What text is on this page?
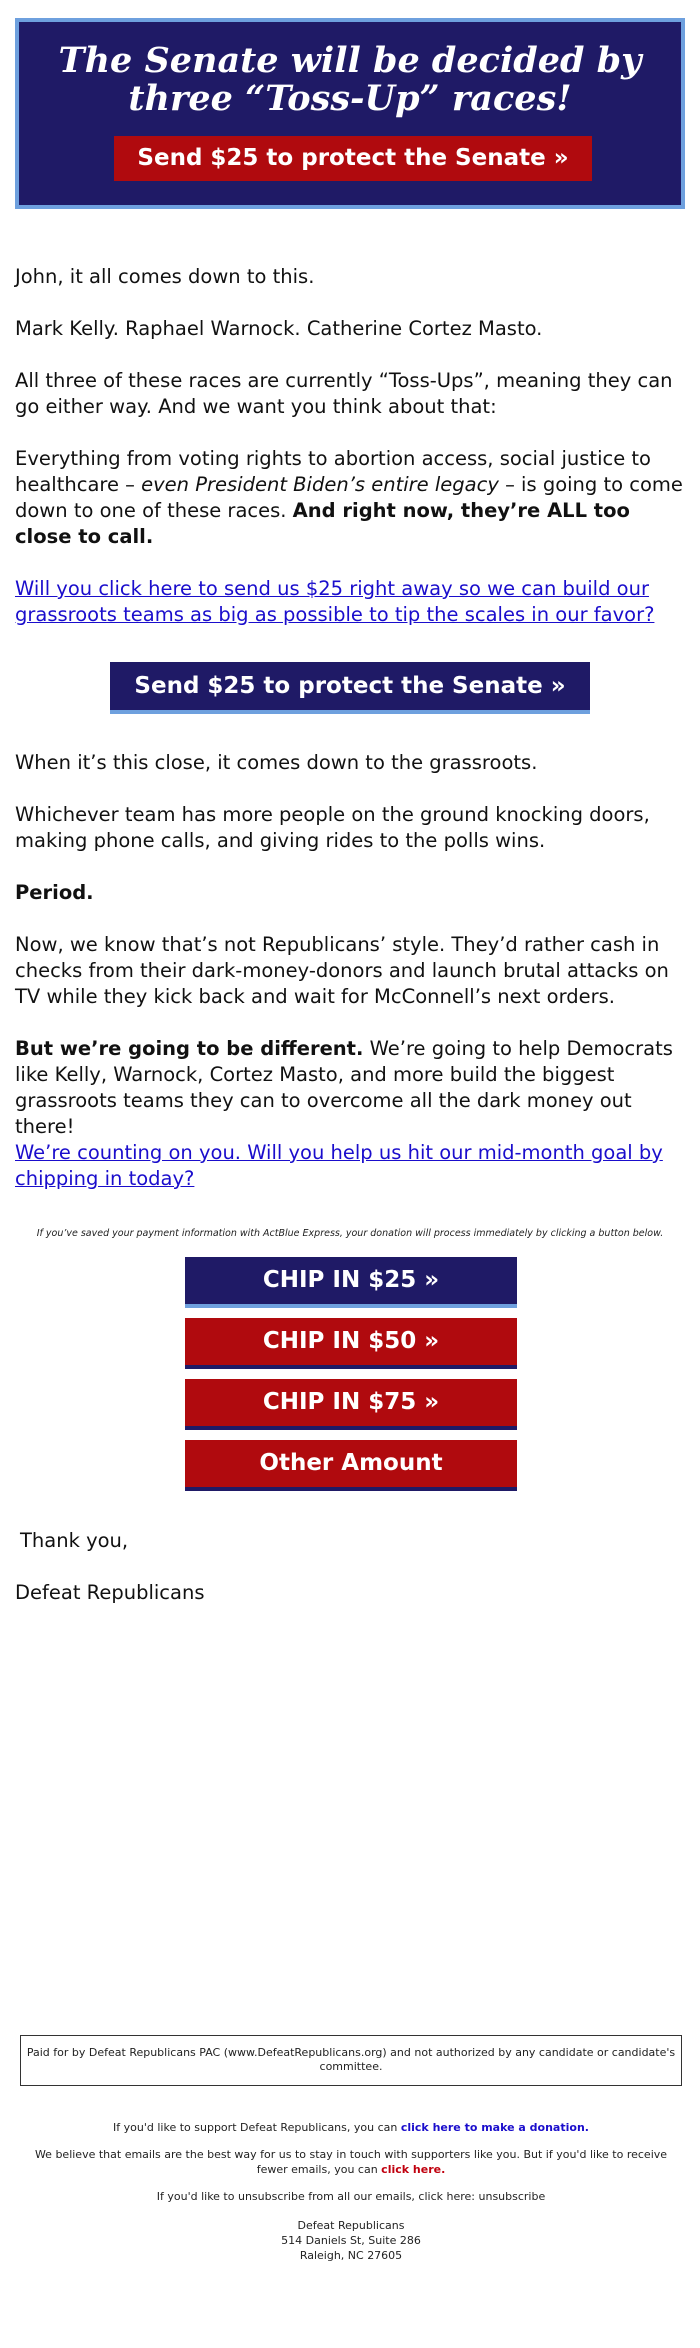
The Senate will be decided by
three “Toss-Up” races!
Send $25 to protect the Senate »

John, it all comes down to this.

Mark Kelly. Raphael Warnock. Catherine Cortez Masto.

All three of these races are currently “Toss-Ups”, meaning they can go either way. And we want you think about that:

Everything from voting rights to abortion access, social justice to healthcare – even President Biden’s entire legacy – is going to come down to one of these races. And right now, they’re ALL too close to call.

Will you click here to send us $25 right away so we can build our grassroots teams as big as possible to tip the scales in our favor?
Send $25 to protect the Senate »

When it’s this close, it comes down to the grassroots.

Whichever team has more people on the ground knocking doors, making phone calls, and giving rides to the polls wins.

Period.

Now, we know that’s not Republicans’ style. They’d rather cash in checks from their dark-money-donors and launch brutal attacks on TV while they kick back and wait for McConnell’s next orders.

But we’re going to be different. We’re going to help Democrats like Kelly, Warnock, Cortez Masto, and more build the biggest grassroots teams they can to overcome all the dark money out there!

We’re counting on you. Will you help us hit our mid-month goal by chipping in today?
If you’ve saved your payment information with ActBlue Express, your donation will process immediately by clicking a button below.
CHIP IN $25 »
CHIP IN $50 »
CHIP IN $75 »
Other Amount

Thank you,

Defeat Republicans

Paid for by Defeat Republicans PAC (www.DefeatRepublicans.org) and not authorized by any candidate or candidate's committee.

If you'd like to support Defeat Republicans, you can click here to make a donation.

We believe that emails are the best way for us to stay in touch with supporters like you. But if you'd like to receive fewer emails, you can click here.

If you'd like to unsubscribe from all our emails, click here: unsubscribe

Defeat Republicans

514 Daniels St, Suite 286

Raleigh, NC 27605
